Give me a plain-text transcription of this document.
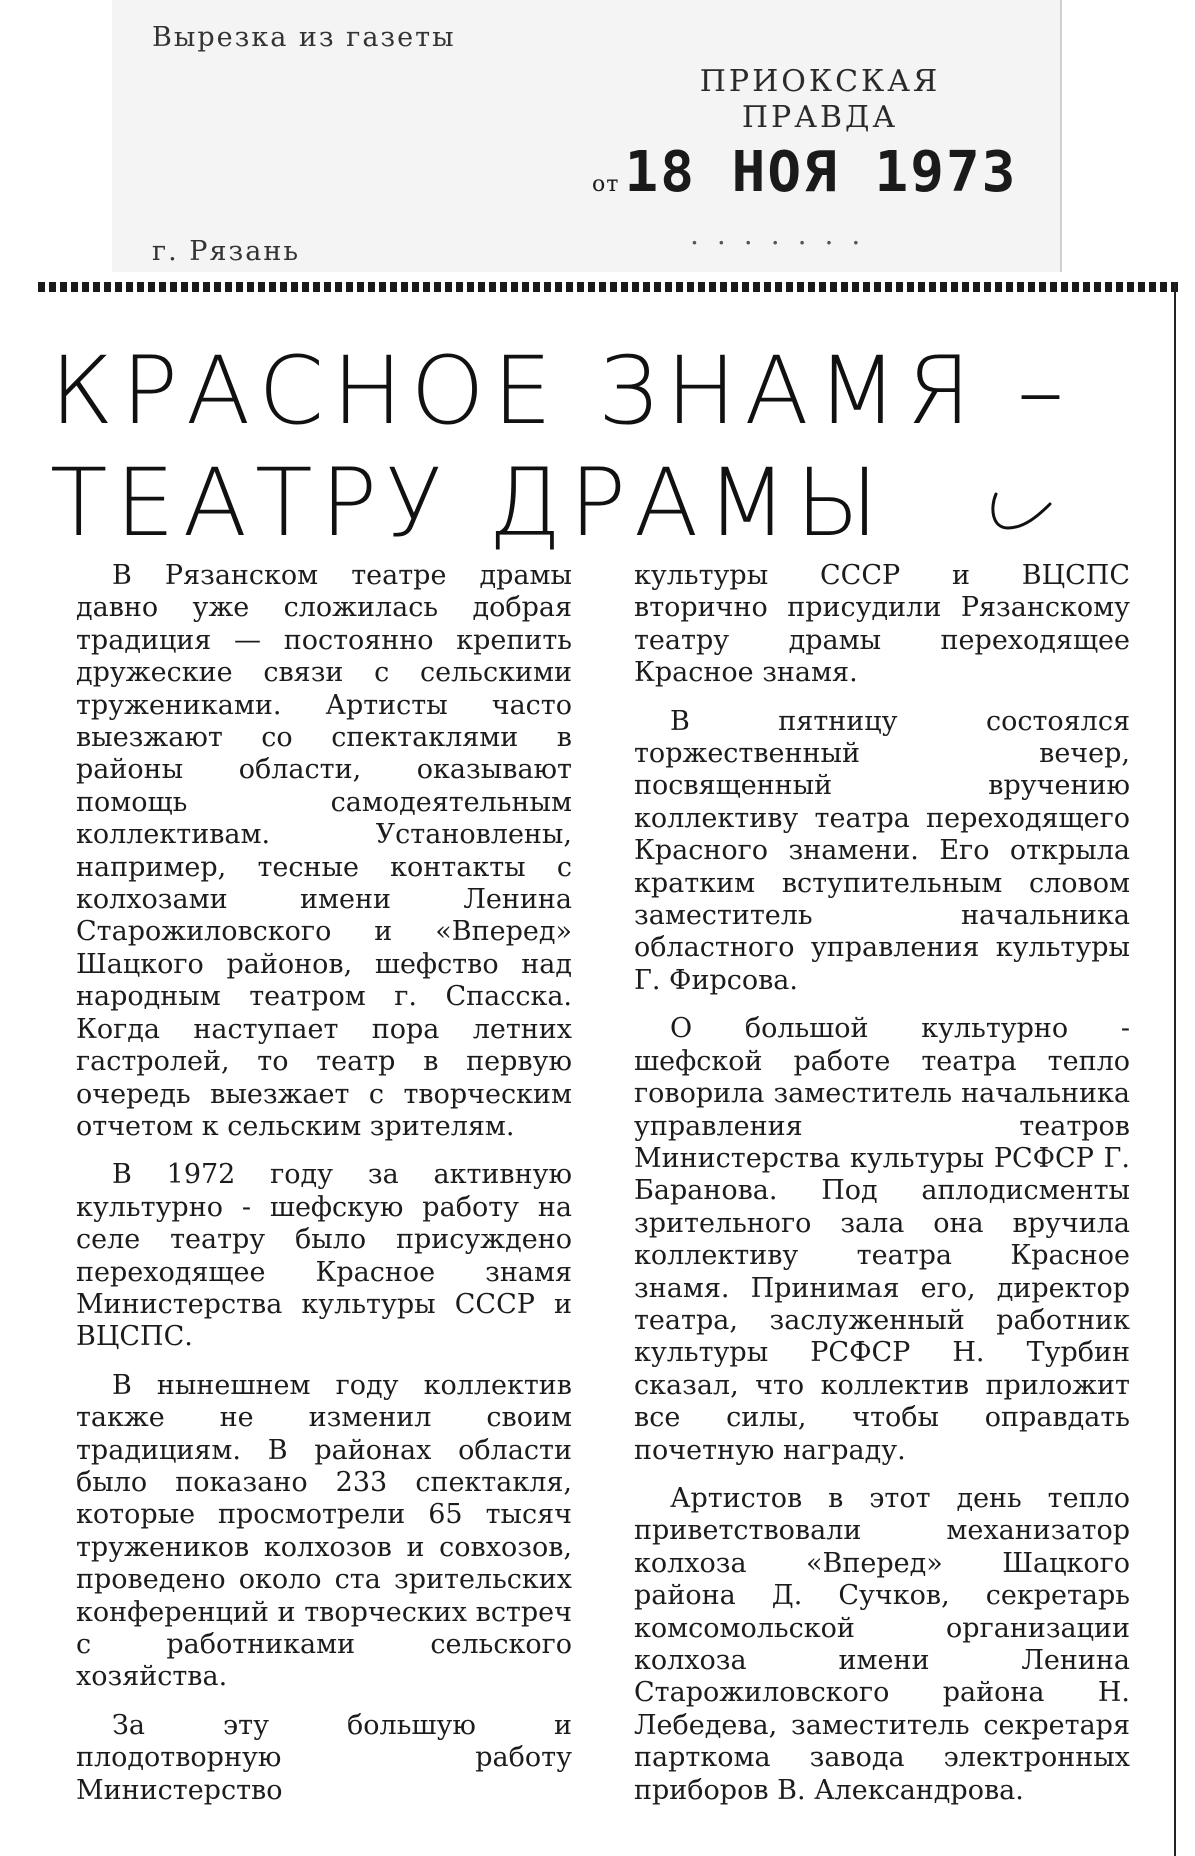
Вырезка из газеты
ПРИОКСКАЯ ПРАВДА
от 18 НОЯ 1973
.......
г. Рязань
КРАСНОЕ ЗНАМЯ –
ТЕАТРУ ДРАМЫ

В Рязанском театре драмы давно уже сложилась добрая традиция — постоянно крепить дружеские связи с сельскими тружениками. Артисты часто выезжают со спектаклями в районы области, оказывают помощь самодеятельным коллективам. Установлены, например, тесные контакты с колхозами имени Ленина Старожиловского и «Вперед» Шацкого районов, шефство над народным театром г. Спасска. Когда наступает пора летних гастролей, то театр в первую очередь выезжает с творческим отчетом к сельским зрителям.

В 1972 году за активную культурно - шефскую работу на селе театру было присуждено переходящее Красное знамя Министерства культуры СССР и ВЦСПС.

В нынешнем году коллектив также не изменил своим традициям. В районах области было показано 233 спектакля, которые просмотрели 65 тысяч тружеников колхозов и совхозов, проведено около ста зрительских конференций и творческих встреч с работниками сельского хозяйства.

За эту большую и плодотворную работу Министерство

культуры СССР и ВЦСПС вторично присудили Рязанскому театру драмы переходящее Красное знамя.

В пятницу состоялся торжественный вечер, посвященный вручению коллективу театра переходящего Красного знамени. Его открыла кратким вступительным словом заместитель начальника областного управления культуры Г. Фирсова.

О большой культурно - шефской работе театра тепло говорила заместитель начальника управления театров Министерства культуры РСФСР Г. Баранова. Под аплодисменты зрительного зала она вручила коллективу театра Красное знамя. Принимая его, директор театра, заслуженный работник культуры РСФСР Н. Турбин сказал, что коллектив приложит все силы, чтобы оправдать почетную награду.

Артистов в этот день тепло приветствовали механизатор колхоза «Вперед» Шацкого района Д. Сучков, секретарь комсомольской организации колхоза имени Ленина Старожиловского района Н. Лебедева, заместитель секретаря парткома завода электронных приборов В. Александрова.
